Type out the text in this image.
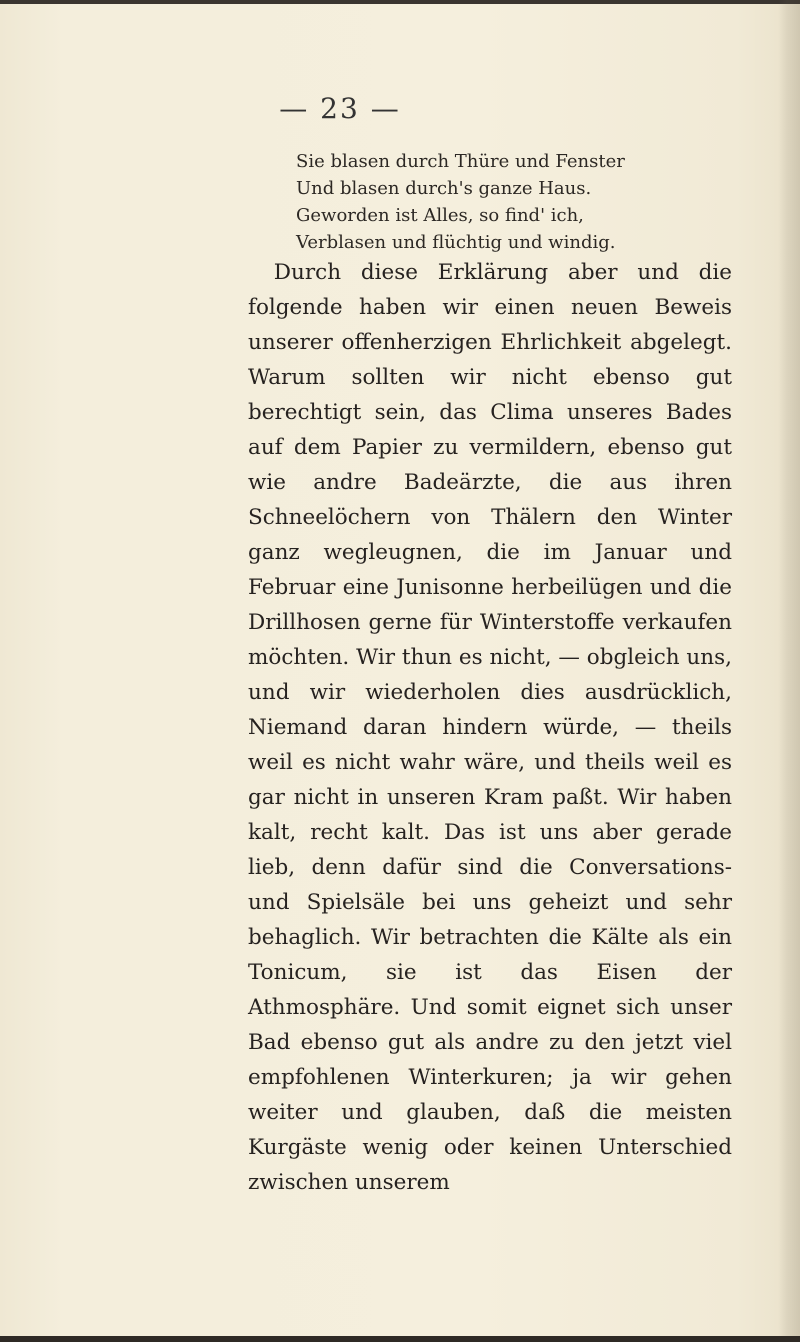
— 23 —
Sie blasen durch Thüre und Fenster
Und blasen durch's ganze Haus.
Geworden ist Alles, so find' ich,
Verblasen und flüchtig und windig.
Durch diese Erklärung aber und die folgende haben wir einen neuen Beweis unserer offenherzigen Ehrlichkeit abgelegt. Warum sollten wir nicht ebenso gut berechtigt sein, das Clima unseres Bades auf dem Papier zu vermildern, ebenso gut wie andre Badeärzte, die aus ihren Schneelöchern von Thälern den Winter ganz wegleugnen, die im Januar und Februar eine Junisonne herbeilügen und die Drillhosen gerne für Winterstoffe verkaufen möchten. Wir thun es nicht, — obgleich uns, und wir wiederholen dies ausdrücklich, Niemand daran hindern würde, — theils weil es nicht wahr wäre, und theils weil es gar nicht in unseren Kram paßt. Wir haben kalt, recht kalt. Das ist uns aber gerade lieb, denn dafür sind die Conversations- und Spielsäle bei uns geheizt und sehr behaglich. Wir betrachten die Kälte als ein Tonicum, sie ist das Eisen der Athmosphäre. Und somit eignet sich unser Bad ebenso gut als andre zu den jetzt viel empfohlenen Winterkuren; ja wir gehen weiter und glauben, daß die meisten Kurgäste wenig oder keinen Unterschied zwischen unserem
